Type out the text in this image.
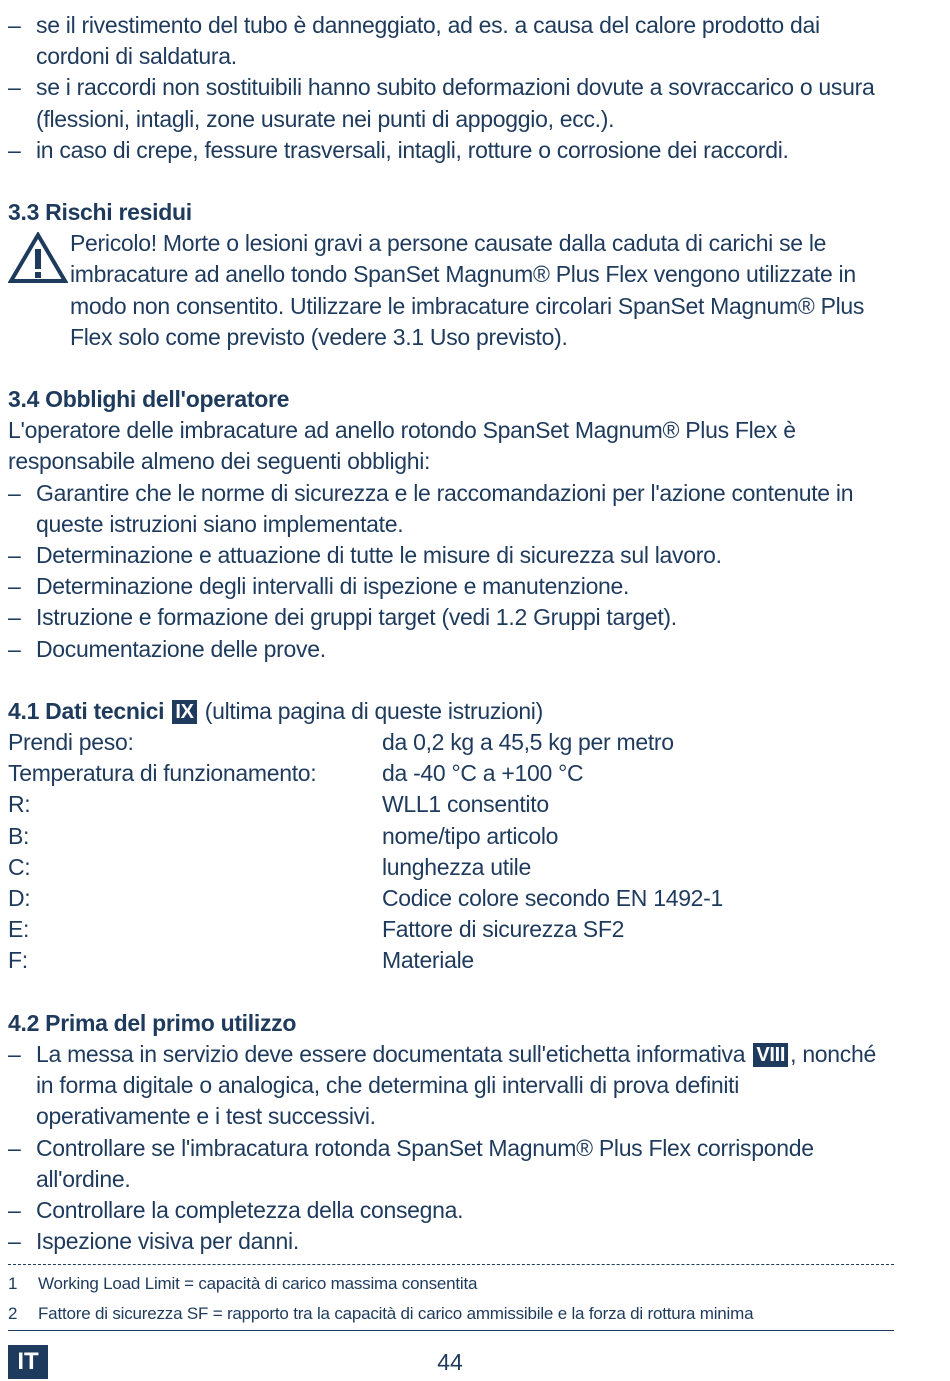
– se il rivestimento del tubo è danneggiato, ad es. a causa del calore prodotto dai cordoni di saldatura.
– se i raccordi non sostituibili hanno subito deformazioni dovute a sovraccarico o usura (flessioni, intagli, zone usurate nei punti di appoggio, ecc.).
– in caso di crepe, fessure trasversali, intagli, rotture o corrosione dei raccordi.
3.3 Rischi residui

Pericolo! Morte o lesioni gravi a persone causate dalla caduta di carichi se le imbracature ad anello tondo SpanSet Magnum® Plus Flex vengono utilizzate in modo non consentito. Utilizzare le imbracature circolari SpanSet Magnum® Plus Flex solo come previsto (vedere 3.1 Uso previsto).

3.4 Obblighi dell'operatore

L'operatore delle imbracature ad anello rotondo SpanSet Magnum® Plus Flex è responsabile almeno dei seguenti obblighi:

– Garantire che le norme di sicurezza e le raccomandazioni per l'azione contenute in queste istruzioni siano implementate.
– Determinazione e attuazione di tutte le misure di sicurezza sul lavoro.
– Determinazione degli intervalli di ispezione e manutenzione.
– Istruzione e formazione dei gruppi target (vedi 1.2 Gruppi target).
– Documentazione delle prove.
4.1 Dati tecnici IX (ultima pagina di queste istruzioni)
Prendi peso:	da 0,2 kg a 45,5 kg per metro
Temperatura di funzionamento:	da -40 °C a +100 °C
R:	WLL1 consentito
B:	nome/tipo articolo
C:	lunghezza utile
D:	Codice colore secondo EN 1492-1
E:	Fattore di sicurezza SF2
F:	Materiale
4.2 Prima del primo utilizzo
– La messa in servizio deve essere documentata sull'etichetta informativa VIII , nonché in forma digitale o analogica, che determina gli intervalli di prova definiti operativamente e i test successivi.
– Controllare se l'imbracatura rotonda SpanSet Magnum® Plus Flex corrisponde all'ordine.
– Controllare la completezza della consegna.
– Ispezione visiva per danni.
1 Working Load Limit = capacità di carico massima consentita
2 Fattore di sicurezza SF = rapporto tra la capacità di carico ammissibile e la forza di rottura minima
IT	44
